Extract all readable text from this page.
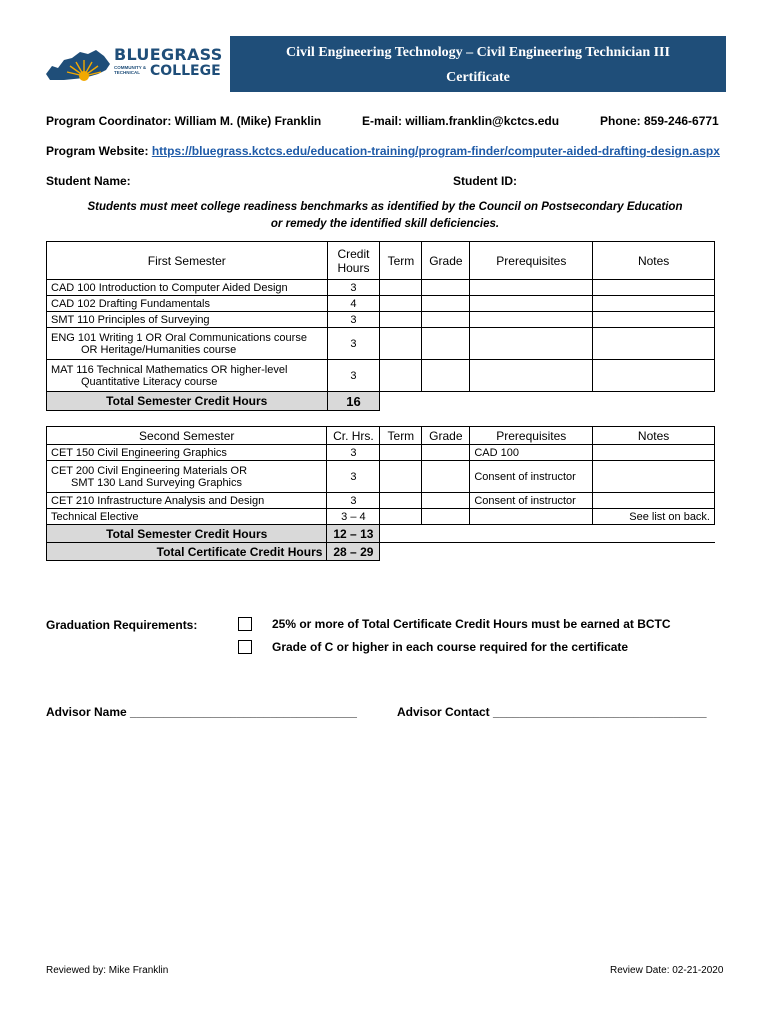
BLUEGRASS
COMMUNITY & TECHNICAL COLLEGE
Civil Engineering Technology – Civil Engineering Technician III
Certificate
Program Coordinator: William M. (Mike) Franklin	E-mail: william.franklin@kctcs.edu	Phone: 859-246-6771
Program Website: https://bluegrass.kctcs.edu/education-training/program-finder/computer-aided-drafting-design.aspx
Student Name:	Student ID:
Students must meet college readiness benchmarks as identified by the Council on Postsecondary Education
or remedy the identified skill deficiencies.
First Semester	Credit
Hours	Term	Grade	Prerequisites	Notes
CAD 100 Introduction to Computer Aided Design	3				
CAD 102 Drafting Fundamentals	4				
SMT 110 Principles of Surveying	3				

ENG 101 Writing 1 OR Oral Communications course
OR Heritage/Humanities course	3				

MAT 116 Technical Mathematics OR higher-level
Quantitative Literacy course	3				
Total Semester Credit Hours	16				
Second Semester	Cr. Hrs.	Term	Grade	Prerequisites	Notes
CET 150 Civil Engineering Graphics	3			CAD 100	

CET 200 Civil Engineering Materials OR
SMT 130 Land Surveying Graphics	3			Consent of instructor	
CET 210 Infrastructure Analysis and Design	3			Consent of instructor	
Technical Elective	3 – 4				See list on back.
Total Semester Credit Hours	12 – 13				
Total Certificate Credit Hours	28 – 29				
Graduation Requirements:	25% or more of Total Certificate Credit Hours must be earned at BCTC
Grade of C or higher in each course required for the certificate
Advisor Name __________________________________	Advisor Contact ________________________________
Reviewed by: Mike Franklin	Review Date: 02-21-2020
